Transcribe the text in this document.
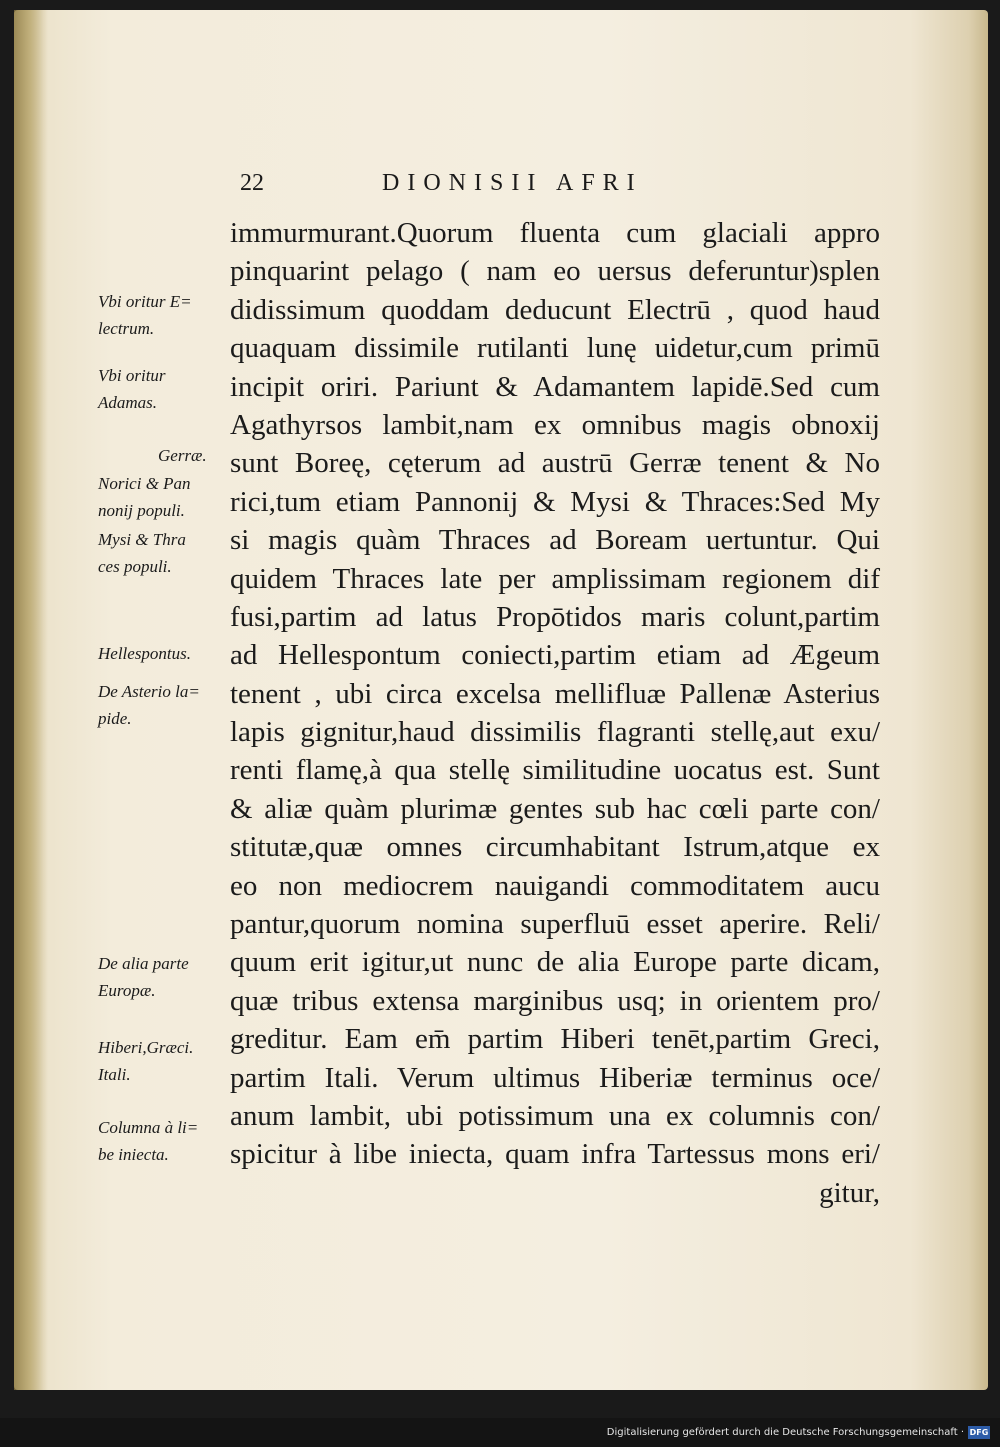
22	DIONISII AFRI
immurmurant.Quorum fluenta cum glaciali appro
pinquarint pelago ( nam eo uersus deferuntur)splen
didissimum quoddam deducunt Electrū , quod haud
quaquam dissimile rutilanti lunę uidetur,cum primū
incipit oriri. Pariunt & Adamantem lapidē.Sed cum
Agathyrsos lambit,nam ex omnibus magis obnoxij
sunt Boreę, cęterum ad austrū Gerræ tenent & No
rici,tum etiam Pannonij & Mysi & Thraces:Sed My
si magis quàm Thraces ad Boream uertuntur. Qui
quidem Thraces late per amplissimam regionem dif
fusi,partim ad latus Propōtidos maris colunt,partim
ad Hellespontum coniecti,partim etiam ad Ægeum
tenent , ubi circa excelsa mellifluæ Pallenæ Asterius
lapis gignitur,haud dissimilis flagranti stellę,aut exu/
renti flamę,à qua stellę similitudine uocatus est. Sunt
& aliæ quàm plurimæ gentes sub hac cœli parte con/
stitutæ,quæ omnes circumhabitant Istrum,atque ex
eo non mediocrem nauigandi commoditatem aucu
pantur,quorum nomina superfluū esset aperire. Reli/
quum erit igitur,ut nunc de alia Europe parte dicam,
quæ tribus extensa marginibus usq; in orientem pro/
greditur. Eam em̄ partim Hiberi tenēt,partim Greci,
partim Itali. Verum ultimus Hiberiæ terminus oce/
anum lambit, ubi potissimum una ex columnis con/
spicitur à libe iniecta, quam infra Tartessus mons eri/
gitur,
Vbi oritur E=
lectrum.
Vbi oritur
Adamas.
Gerræ.
Norici & Pan
nonij populi.
Mysi & Thra
ces populi.
Hellespontus.
De Asterio la=
pide.
De alia parte
Europæ.
Hiberi,Græci.
Itali.
Columna à li=
be iniecta.
Digitalisierung gefördert durch die Deutsche Forschungsgemeinschaft · DFG
